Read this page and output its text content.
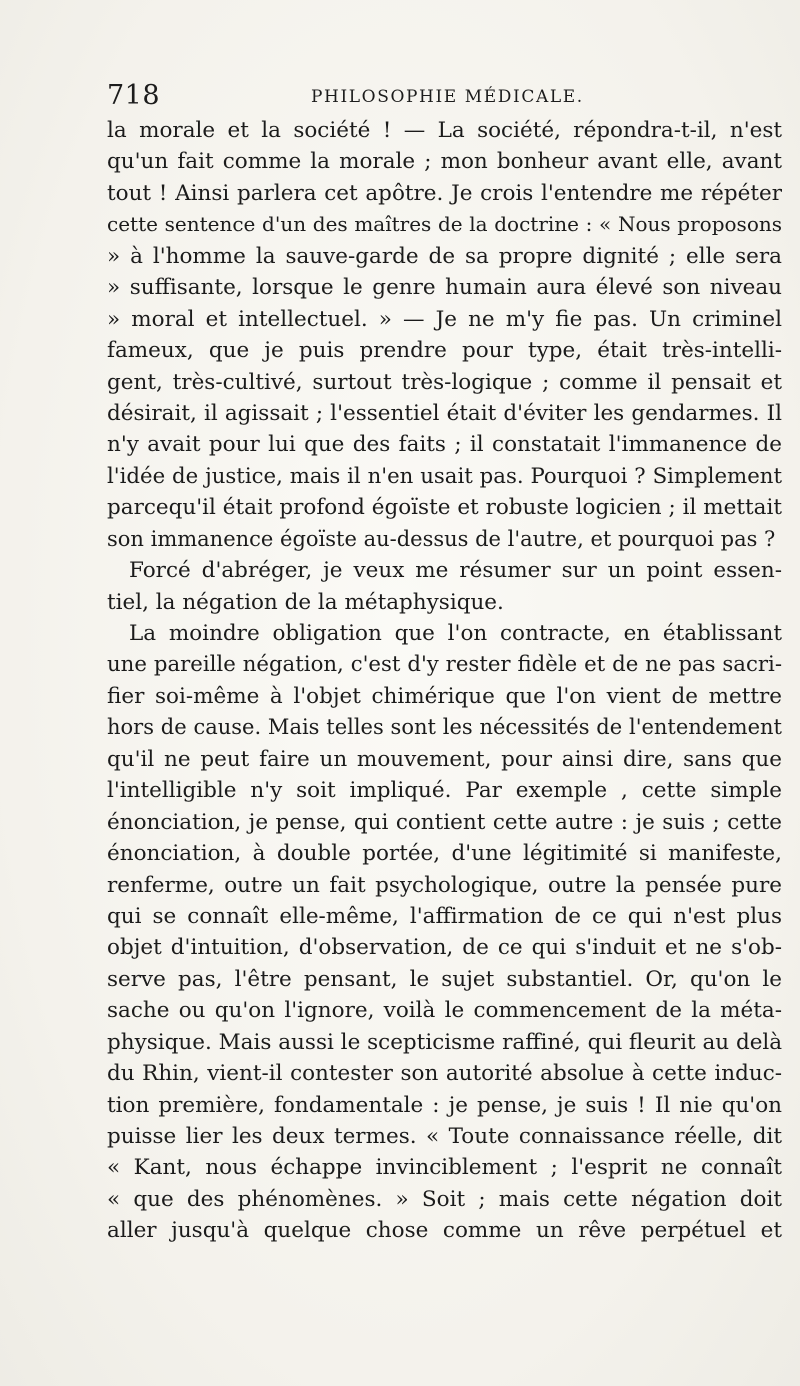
718	PHILOSOPHIE MÉDICALE.
la morale et la société ! — La société, répondra-t-il, n'est
qu'un fait comme la morale ; mon bonheur avant elle, avant
tout ! Ainsi parlera cet apôtre. Je crois l'entendre me répéter
cette sentence d'un des maîtres de la doctrine : « Nous proposons
» à l'homme la sauve-garde de sa propre dignité ; elle sera
» suffisante, lorsque le genre humain aura élevé son niveau
» moral et intellectuel. » — Je ne m'y fie pas. Un criminel
fameux, que je puis prendre pour type, était très-intelli-
gent, très-cultivé, surtout très-logique ; comme il pensait et
désirait, il agissait ; l'essentiel était d'éviter les gendarmes. Il
n'y avait pour lui que des faits ; il constatait l'immanence de
l'idée de justice, mais il n'en usait pas. Pourquoi ? Simplement
parcequ'il était profond égoïste et robuste logicien ; il mettait
son immanence égoïste au-dessus de l'autre, et pourquoi pas ?
Forcé d'abréger, je veux me résumer sur un point essen-
tiel, la négation de la métaphysique.
La moindre obligation que l'on contracte, en établissant
une pareille négation, c'est d'y rester fidèle et de ne pas sacri-
fier soi-même à l'objet chimérique que l'on vient de mettre
hors de cause. Mais telles sont les nécessités de l'entendement
qu'il ne peut faire un mouvement, pour ainsi dire, sans que
l'intelligible n'y soit impliqué. Par exemple , cette simple
énonciation, je pense, qui contient cette autre : je suis ; cette
énonciation, à double portée, d'une légitimité si manifeste,
renferme, outre un fait psychologique, outre la pensée pure
qui se connaît elle-même, l'affirmation de ce qui n'est plus
objet d'intuition, d'observation, de ce qui s'induit et ne s'ob-
serve pas, l'être pensant, le sujet substantiel. Or, qu'on le
sache ou qu'on l'ignore, voilà le commencement de la méta-
physique. Mais aussi le scepticisme raffiné, qui fleurit au delà
du Rhin, vient-il contester son autorité absolue à cette induc-
tion première, fondamentale : je pense, je suis ! Il nie qu'on
puisse lier les deux termes. « Toute connaissance réelle, dit
« Kant, nous échappe invinciblement ; l'esprit ne connaît
« que des phénomènes. » Soit ; mais cette négation doit
aller jusqu'à quelque chose comme un rêve perpétuel et
